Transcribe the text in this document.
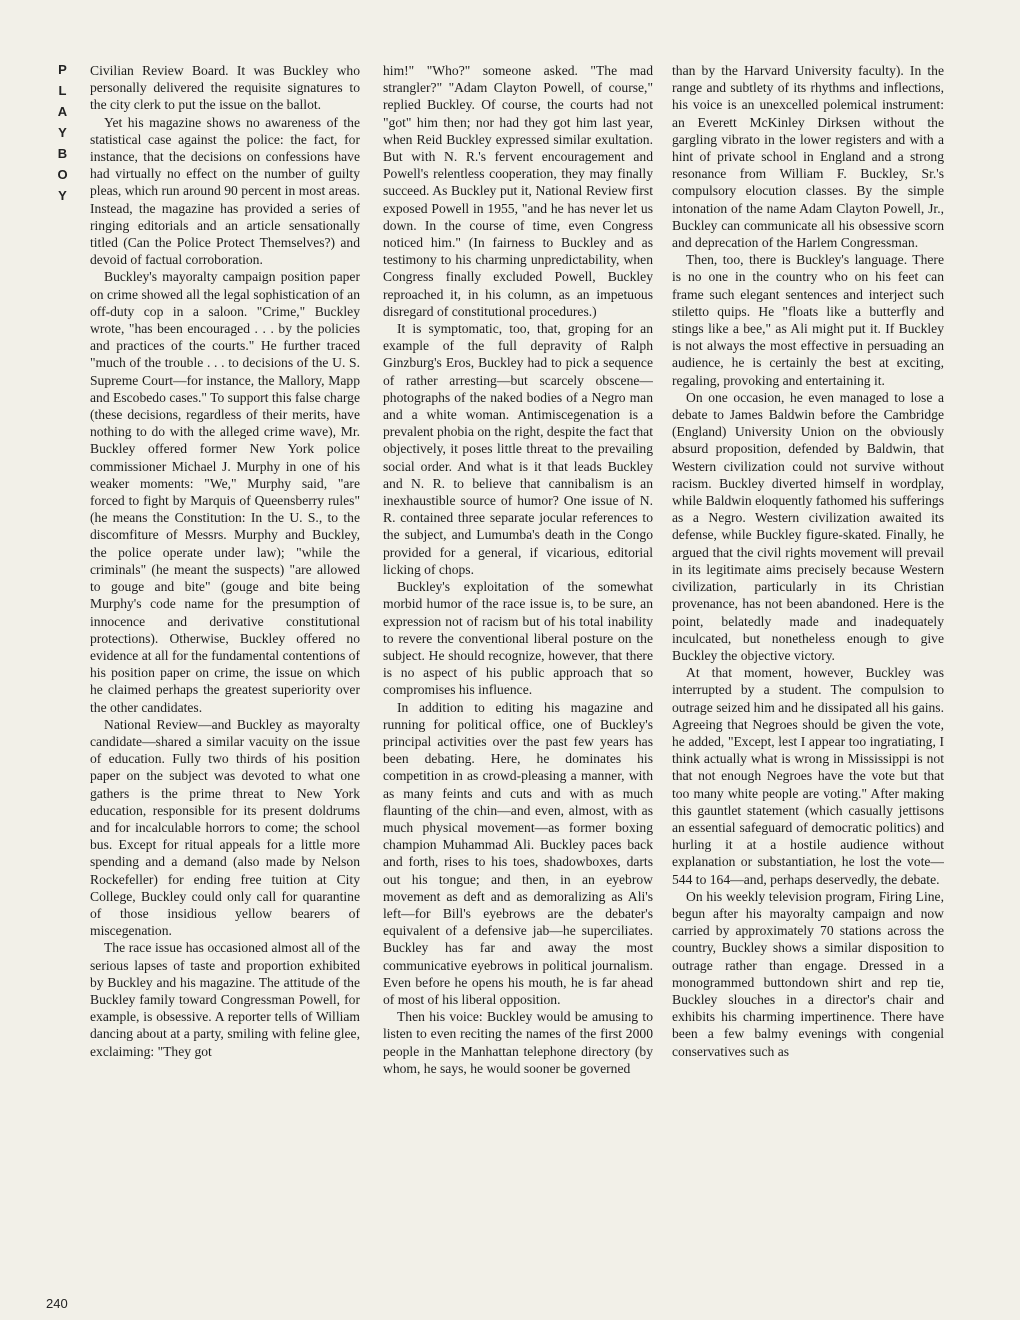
PLAYBOY Civilian Review Board. It was Buckley who personally delivered the requisite signatures to the city clerk to put the issue on the ballot.

Yet his magazine shows no awareness of the statistical case against the police: the fact, for instance, that the decisions on confessions have had virtually no effect on the number of guilty pleas, which run around 90 percent in most areas. Instead, the magazine has provided a series of ringing editorials and an article sensationally titled (Can the Police Protect Themselves?) and devoid of factual corroboration.

Buckley's mayoralty campaign position paper on crime showed all the legal sophistication of an off-duty cop in a saloon. "Crime," Buckley wrote, "has been encouraged . . . by the policies and practices of the courts." He further traced "much of the trouble . . . to decisions of the U. S. Supreme Court—for instance, the Mallory, Mapp and Escobedo cases." To support this false charge (these decisions, regardless of their merits, have nothing to do with the alleged crime wave), Mr. Buckley offered former New York police commissioner Michael J. Murphy in one of his weaker moments: "We," Murphy said, "are forced to fight by Marquis of Queensberry rules" (he means the Constitution: In the U. S., to the discomfiture of Messrs. Murphy and Buckley, the police operate under law); "while the criminals" (he meant the suspects) "are allowed to gouge and bite" (gouge and bite being Murphy's code name for the presumption of innocence and derivative constitutional protections). Otherwise, Buckley offered no evidence at all for the fundamental contentions of his position paper on crime, the issue on which he claimed perhaps the greatest superiority over the other candidates.

National Review—and Buckley as mayoralty candidate—shared a similar vacuity on the issue of education. Fully two thirds of his position paper on the subject was devoted to what one gathers is the prime threat to New York education, responsible for its present doldrums and for incalculable horrors to come; the school bus. Except for ritual appeals for a little more spending and a demand (also made by Nelson Rockefeller) for ending free tuition at City College, Buckley could only call for quarantine of those insidious yellow bearers of miscegenation.

The race issue has occasioned almost all of the serious lapses of taste and proportion exhibited by Buckley and his magazine. The attitude of the Buckley family toward Congressman Powell, for example, is obsessive. A reporter tells of William dancing about at a party, smiling with feline glee, exclaiming: "They got

him!" "Who?" someone asked. "The mad strangler?" "Adam Clayton Powell, of course," replied Buckley. Of course, the courts had not "got" him then; nor had they got him last year, when Reid Buckley expressed similar exultation. But with N. R.'s fervent encouragement and Powell's relentless cooperation, they may finally succeed. As Buckley put it, National Review first exposed Powell in 1955, "and he has never let us down. In the course of time, even Congress noticed him." (In fairness to Buckley and as testimony to his charming unpredictability, when Congress finally excluded Powell, Buckley reproached it, in his column, as an impetuous disregard of constitutional procedures.)

It is symptomatic, too, that, groping for an example of the full depravity of Ralph Ginzburg's Eros, Buckley had to pick a sequence of rather arresting—but scarcely obscene—photographs of the naked bodies of a Negro man and a white woman. Antimiscegenation is a prevalent phobia on the right, despite the fact that objectively, it poses little threat to the prevailing social order. And what is it that leads Buckley and N. R. to believe that cannibalism is an inexhaustible source of humor? One issue of N. R. contained three separate jocular references to the subject, and Lumumba's death in the Congo provided for a general, if vicarious, editorial licking of chops.

Buckley's exploitation of the somewhat morbid humor of the race issue is, to be sure, an expression not of racism but of his total inability to revere the conventional liberal posture on the subject. He should recognize, however, that there is no aspect of his public approach that so compromises his influence.

In addition to editing his magazine and running for political office, one of Buckley's principal activities over the past few years has been debating. Here, he dominates his competition in as crowd-pleasing a manner, with as many feints and cuts and with as much flaunting of the chin—and even, almost, with as much physical movement—as former boxing champion Muhammad Ali. Buckley paces back and forth, rises to his toes, shadowboxes, darts out his tongue; and then, in an eyebrow movement as deft and as demoralizing as Ali's left—for Bill's eyebrows are the debater's equivalent of a defensive jab—he superciliates. Buckley has far and away the most communicative eyebrows in political journalism. Even before he opens his mouth, he is far ahead of most of his liberal opposition.

Then his voice: Buckley would be amusing to listen to even reciting the names of the first 2000 people in the Manhattan telephone directory (by whom, he says, he would sooner be governed

than by the Harvard University faculty). In the range and subtlety of its rhythms and inflections, his voice is an unexcelled polemical instrument: an Everett McKinley Dirksen without the gargling vibrato in the lower registers and with a hint of private school in England and a strong resonance from William F. Buckley, Sr.'s compulsory elocution classes. By the simple intonation of the name Adam Clayton Powell, Jr., Buckley can communicate all his obsessive scorn and deprecation of the Harlem Congressman.

Then, too, there is Buckley's language. There is no one in the country who on his feet can frame such elegant sentences and interject such stiletto quips. He "floats like a butterfly and stings like a bee," as Ali might put it. If Buckley is not always the most effective in persuading an audience, he is certainly the best at exciting, regaling, provoking and entertaining it.

On one occasion, he even managed to lose a debate to James Baldwin before the Cambridge (England) University Union on the obviously absurd proposition, defended by Baldwin, that Western civilization could not survive without racism. Buckley diverted himself in wordplay, while Baldwin eloquently fathomed his sufferings as a Negro. Western civilization awaited its defense, while Buckley figure-skated. Finally, he argued that the civil rights movement will prevail in its legitimate aims precisely because Western civilization, particularly in its Christian provenance, has not been abandoned. Here is the point, belatedly made and inadequately inculcated, but nonetheless enough to give Buckley the objective victory.

At that moment, however, Buckley was interrupted by a student. The compulsion to outrage seized him and he dissipated all his gains. Agreeing that Negroes should be given the vote, he added, "Except, lest I appear too ingratiating, I think actually what is wrong in Mississippi is not that not enough Negroes have the vote but that too many white people are voting." After making this gauntlet statement (which casually jettisons an essential safeguard of democratic politics) and hurling it at a hostile audience without explanation or substantiation, he lost the vote—544 to 164—and, perhaps deservedly, the debate.

On his weekly television program, Firing Line, begun after his mayoralty campaign and now carried by approximately 70 stations across the country, Buckley shows a similar disposition to outrage rather than engage. Dressed in a monogrammed buttondown shirt and rep tie, Buckley slouches in a director's chair and exhibits his charming impertinence. There have been a few balmy evenings with congenial conservatives such as

240
